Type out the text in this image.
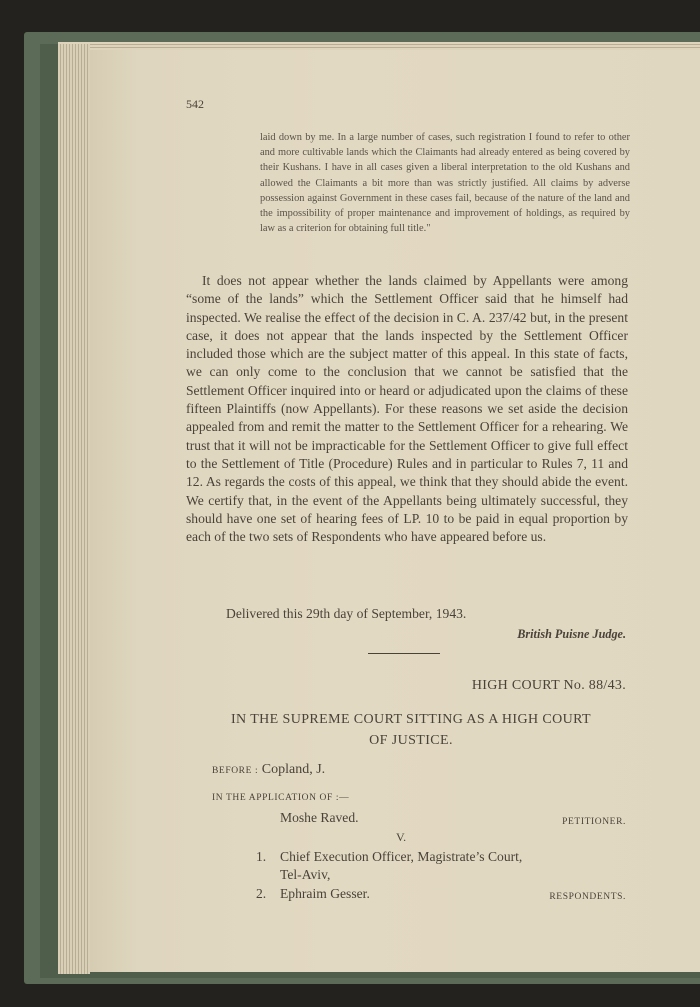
542

laid down by me. In a large number of cases, such registration I found to refer to other and more cultivable lands which the Claimants had already entered as being covered by their Kushans. I have in all cases given a liberal interpretation to the old Kushans and allowed the Claimants a bit more than was strictly justified. All claims by adverse possession against Government in these cases fail, because of the nature of the land and the impossibility of proper maintenance and improvement of holdings, as required by law as a criterion for obtaining full title."

It does not appear whether the lands claimed by Appellants were among “some of the lands” which the Settlement Officer said that he himself had inspected. We realise the effect of the decision in C. A. 237/42 but, in the present case, it does not appear that the lands inspected by the Settlement Officer included those which are the subject matter of this appeal. In this state of facts, we can only come to the conclusion that we cannot be satisfied that the Settlement Officer inquired into or heard or adjudicated upon the claims of these fifteen Plaintiffs (now Appellants). For these reasons we set aside the decision appealed from and remit the matter to the Settlement Officer for a rehearing. We trust that it will not be impracticable for the Settlement Officer to give full effect to the Settlement of Title (Procedure) Rules and in particular to Rules 7, 11 and 12. As regards the costs of this appeal, we think that they should abide the event. We certify that, in the event of the Appellants being ultimately successful, they should have one set of hearing fees of LP. 10 to be paid in equal proportion by each of the two sets of Respondents who have appeared before us.

Delivered this 29th day of September, 1943.
British Puisne Judge.
HIGH COURT No. 88/43.
IN THE SUPREME COURT SITTING AS A HIGH COURT
OF JUSTICE.
BEFORE : Copland, J.
IN THE APPLICATION OF :—
Moshe Raved.	PETITIONER.
V.
1. Chief Execution Officer, Magistrate’s Court,
Tel-Aviv,
2. Ephraim Gesser.	RESPONDENTS.
